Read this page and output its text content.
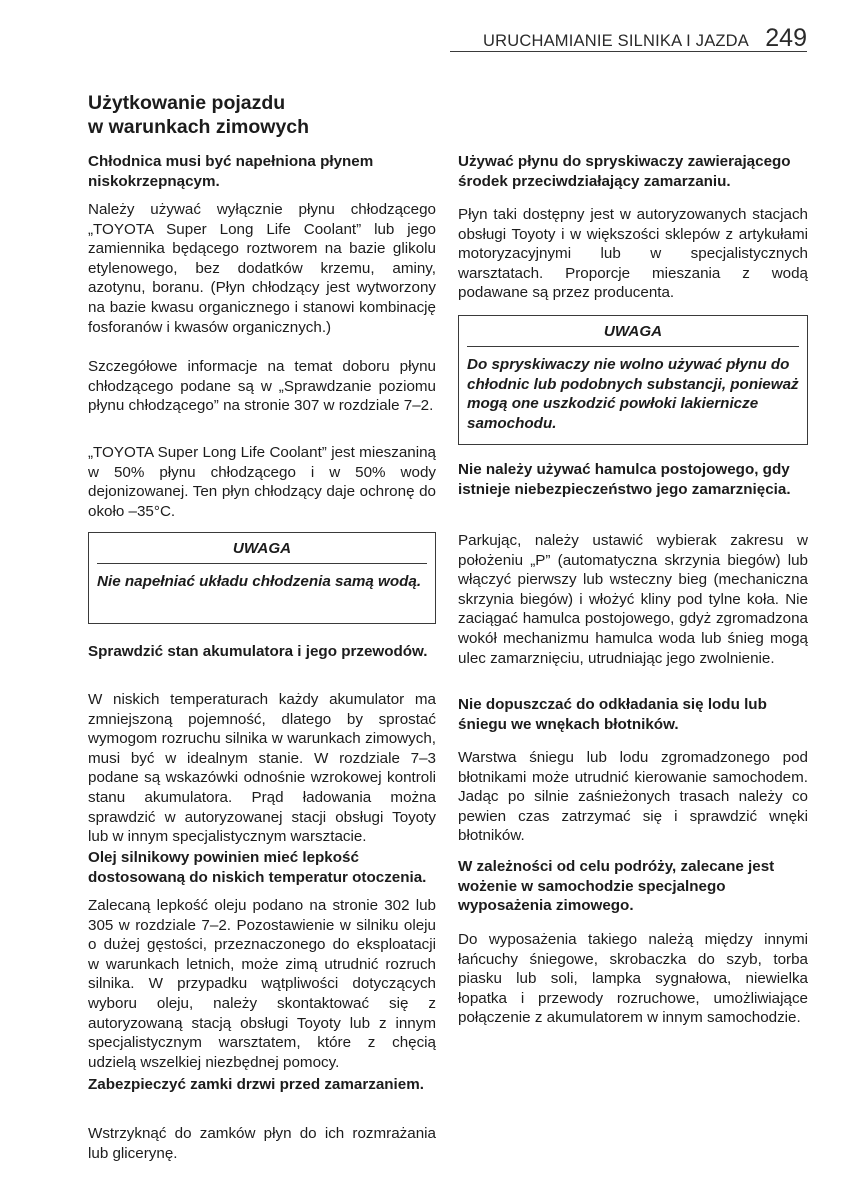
URUCHAMIANIE SILNIKA I JAZDA 249
Użytkowanie pojazdu
w warunkach zimowych

Chłodnica musi być napełniona płynem niskokrzepnącym.

Należy używać wyłącznie płynu chłodzącego „TOYOTA Super Long Life Coolant” lub jego zamiennika będącego roztworem na bazie glikolu etylenowego, bez dodatków krzemu, aminy, azotynu, boranu. (Płyn chłodzący jest wytworzony na bazie kwasu organicznego i stanowi kombinację fosforanów i kwasów organicznych.)

Szczegółowe informacje na temat doboru płynu chłodzącego podane są w „Sprawdzanie poziomu płynu chłodzącego” na stronie 307 w rozdziale 7–2.

„TOYOTA Super Long Life Coolant” jest mieszaniną w 50% płynu chłodzącego i w 50% wody dejonizowanej. Ten płyn chłodzący daje ochronę do około –35°C.

UWAGA

Nie napełniać układu chłodzenia samą wodą.

Sprawdzić stan akumulatora i jego przewodów.

W niskich temperaturach każdy akumulator ma zmniejszoną pojemność, dlatego by sprostać wymogom rozruchu silnika w warunkach zimowych, musi być w idealnym stanie. W rozdziale 7–3 podane są wskazówki odnośnie wzrokowej kontroli stanu akumulatora. Prąd ładowania można sprawdzić w autoryzowanej stacji obsługi Toyoty lub w innym specjalistycznym warsztacie.

Olej silnikowy powinien mieć lepkość dostosowaną do niskich temperatur otoczenia.

Zalecaną lepkość oleju podano na stronie 302 lub 305 w rozdziale 7–2. Pozostawienie w silniku oleju o dużej gęstości, przeznaczonego do eksploatacji w warunkach letnich, może zimą utrudnić rozruch silnika. W przypadku wątpliwości dotyczących wyboru oleju, należy skontaktować się z autoryzowaną stacją obsługi Toyoty lub z innym specjalistycznym warsztatem, które z chęcią udzielą wszelkiej niezbędnej pomocy.

Zabezpieczyć zamki drzwi przed zamarzaniem.

Wstrzyknąć do zamków płyn do ich rozmrażania lub glicerynę.

Używać płynu do spryskiwaczy zawierającego środek przeciwdziałający zamarzaniu.

Płyn taki dostępny jest w autoryzowanych stacjach obsługi Toyoty i w większości sklepów z artykułami motoryzacyjnymi lub w specjalistycznych warsztatach. Proporcje mieszania z wodą podawane są przez producenta.

UWAGA

Do spryskiwaczy nie wolno używać płynu do chłodnic lub podobnych substancji, ponieważ mogą one uszkodzić powłoki lakiernicze samochodu.

Nie należy używać hamulca postojowego, gdy istnieje niebezpieczeństwo jego zamarznięcia.

Parkując, należy ustawić wybierak zakresu w położeniu „P” (automatyczna skrzynia biegów) lub włączyć pierwszy lub wsteczny bieg (mechaniczna skrzynia biegów) i włożyć kliny pod tylne koła. Nie zaciągać hamulca postojowego, gdyż zgromadzona wokół mechanizmu hamulca woda lub śnieg mogą ulec zamarznięciu, utrudniając jego zwolnienie.

Nie dopuszczać do odkładania się lodu lub śniegu we wnękach błotników.

Warstwa śniegu lub lodu zgromadzonego pod błotnikami może utrudnić kierowanie samochodem. Jadąc po silnie zaśnieżonych trasach należy co pewien czas zatrzymać się i sprawdzić wnęki błotników.

W zależności od celu podróży, zalecane jest wożenie w samochodzie specjalnego wyposażenia zimowego.

Do wyposażenia takiego należą między innymi łańcuchy śniegowe, skrobaczka do szyb, torba piasku lub soli, lampka sygnałowa, niewielka łopatka i przewody rozruchowe, umożliwiające połączenie z akumulatorem w innym samochodzie.
